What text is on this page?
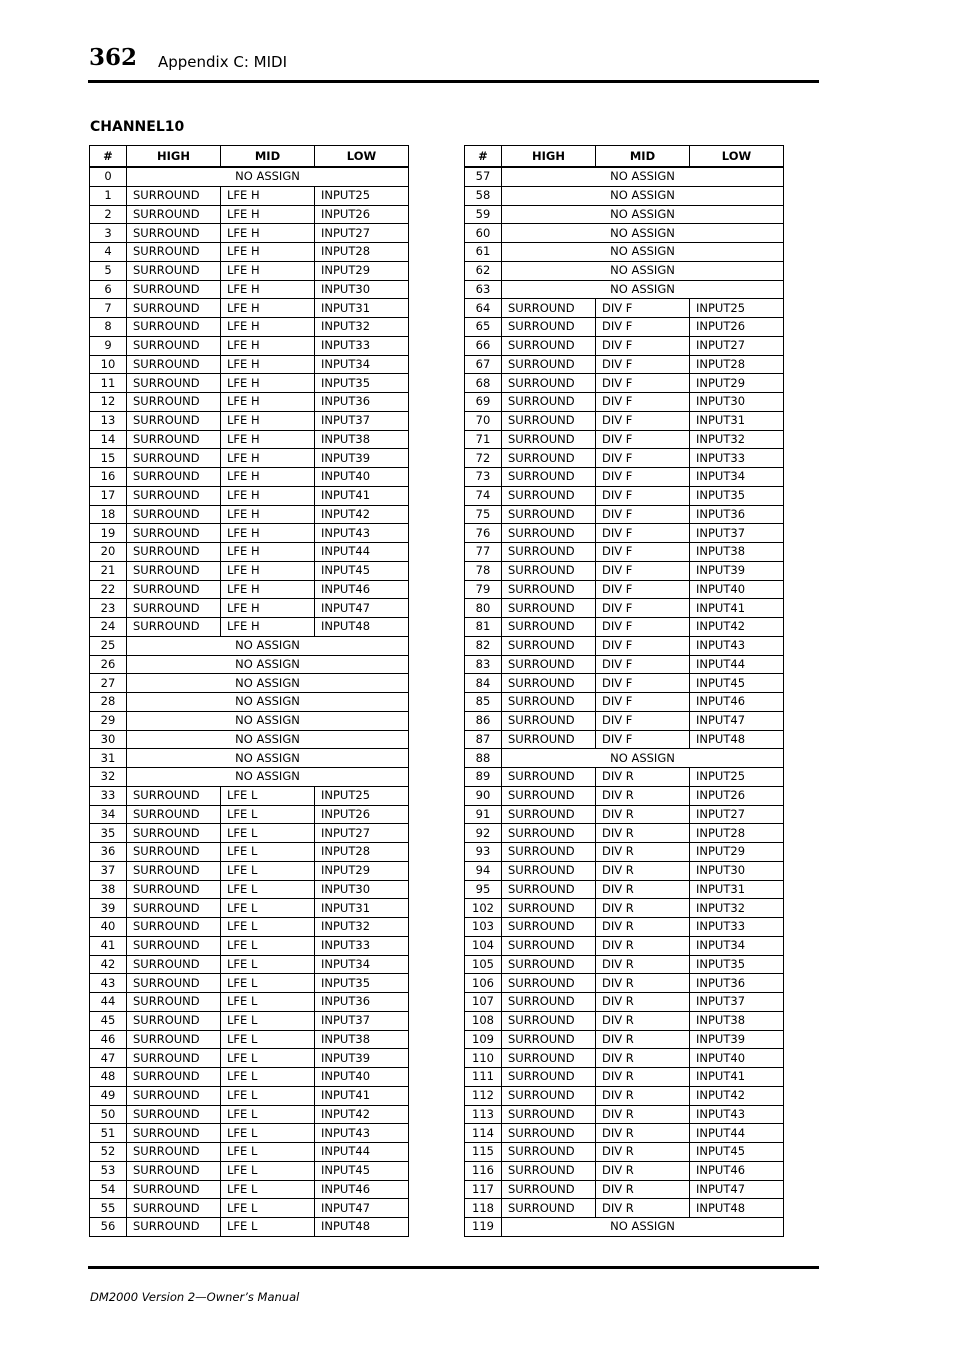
362 Appendix C: MIDI
CHANNEL10
#	HIGH	MID	LOW
0	NO ASSIGN		
1	SURROUND	LFE H	INPUT25
2	SURROUND	LFE H	INPUT26
3	SURROUND	LFE H	INPUT27
4	SURROUND	LFE H	INPUT28
5	SURROUND	LFE H	INPUT29
6	SURROUND	LFE H	INPUT30
7	SURROUND	LFE H	INPUT31
8	SURROUND	LFE H	INPUT32
9	SURROUND	LFE H	INPUT33
10	SURROUND	LFE H	INPUT34
11	SURROUND	LFE H	INPUT35
12	SURROUND	LFE H	INPUT36
13	SURROUND	LFE H	INPUT37
14	SURROUND	LFE H	INPUT38
15	SURROUND	LFE H	INPUT39
16	SURROUND	LFE H	INPUT40
17	SURROUND	LFE H	INPUT41
18	SURROUND	LFE H	INPUT42
19	SURROUND	LFE H	INPUT43
20	SURROUND	LFE H	INPUT44
21	SURROUND	LFE H	INPUT45
22	SURROUND	LFE H	INPUT46
23	SURROUND	LFE H	INPUT47
24	SURROUND	LFE H	INPUT48
25	NO ASSIGN		
26	NO ASSIGN		
27	NO ASSIGN		
28	NO ASSIGN		
29	NO ASSIGN		
30	NO ASSIGN		
31	NO ASSIGN		
32	NO ASSIGN		
33	SURROUND	LFE L	INPUT25
34	SURROUND	LFE L	INPUT26
35	SURROUND	LFE L	INPUT27
36	SURROUND	LFE L	INPUT28
37	SURROUND	LFE L	INPUT29
38	SURROUND	LFE L	INPUT30
39	SURROUND	LFE L	INPUT31
40	SURROUND	LFE L	INPUT32
41	SURROUND	LFE L	INPUT33
42	SURROUND	LFE L	INPUT34
43	SURROUND	LFE L	INPUT35
44	SURROUND	LFE L	INPUT36
45	SURROUND	LFE L	INPUT37
46	SURROUND	LFE L	INPUT38
47	SURROUND	LFE L	INPUT39
48	SURROUND	LFE L	INPUT40
49	SURROUND	LFE L	INPUT41
50	SURROUND	LFE L	INPUT42
51	SURROUND	LFE L	INPUT43
52	SURROUND	LFE L	INPUT44
53	SURROUND	LFE L	INPUT45
54	SURROUND	LFE L	INPUT46
55	SURROUND	LFE L	INPUT47
56	SURROUND	LFE L	INPUT48
#	HIGH	MID	LOW
57	NO ASSIGN		
58	NO ASSIGN		
59	NO ASSIGN		
60	NO ASSIGN		
61	NO ASSIGN		
62	NO ASSIGN		
63	NO ASSIGN		
64	SURROUND	DIV F	INPUT25
65	SURROUND	DIV F	INPUT26
66	SURROUND	DIV F	INPUT27
67	SURROUND	DIV F	INPUT28
68	SURROUND	DIV F	INPUT29
69	SURROUND	DIV F	INPUT30
70	SURROUND	DIV F	INPUT31
71	SURROUND	DIV F	INPUT32
72	SURROUND	DIV F	INPUT33
73	SURROUND	DIV F	INPUT34
74	SURROUND	DIV F	INPUT35
75	SURROUND	DIV F	INPUT36
76	SURROUND	DIV F	INPUT37
77	SURROUND	DIV F	INPUT38
78	SURROUND	DIV F	INPUT39
79	SURROUND	DIV F	INPUT40
80	SURROUND	DIV F	INPUT41
81	SURROUND	DIV F	INPUT42
82	SURROUND	DIV F	INPUT43
83	SURROUND	DIV F	INPUT44
84	SURROUND	DIV F	INPUT45
85	SURROUND	DIV F	INPUT46
86	SURROUND	DIV F	INPUT47
87	SURROUND	DIV F	INPUT48
88	NO ASSIGN		
89	SURROUND	DIV R	INPUT25
90	SURROUND	DIV R	INPUT26
91	SURROUND	DIV R	INPUT27
92	SURROUND	DIV R	INPUT28
93	SURROUND	DIV R	INPUT29
94	SURROUND	DIV R	INPUT30
95	SURROUND	DIV R	INPUT31
102	SURROUND	DIV R	INPUT32
103	SURROUND	DIV R	INPUT33
104	SURROUND	DIV R	INPUT34
105	SURROUND	DIV R	INPUT35
106	SURROUND	DIV R	INPUT36
107	SURROUND	DIV R	INPUT37
108	SURROUND	DIV R	INPUT38
109	SURROUND	DIV R	INPUT39
110	SURROUND	DIV R	INPUT40
111	SURROUND	DIV R	INPUT41
112	SURROUND	DIV R	INPUT42
113	SURROUND	DIV R	INPUT43
114	SURROUND	DIV R	INPUT44
115	SURROUND	DIV R	INPUT45
116	SURROUND	DIV R	INPUT46
117	SURROUND	DIV R	INPUT47
118	SURROUND	DIV R	INPUT48
119	NO ASSIGN		
DM2000 Version 2—Owner’s Manual
